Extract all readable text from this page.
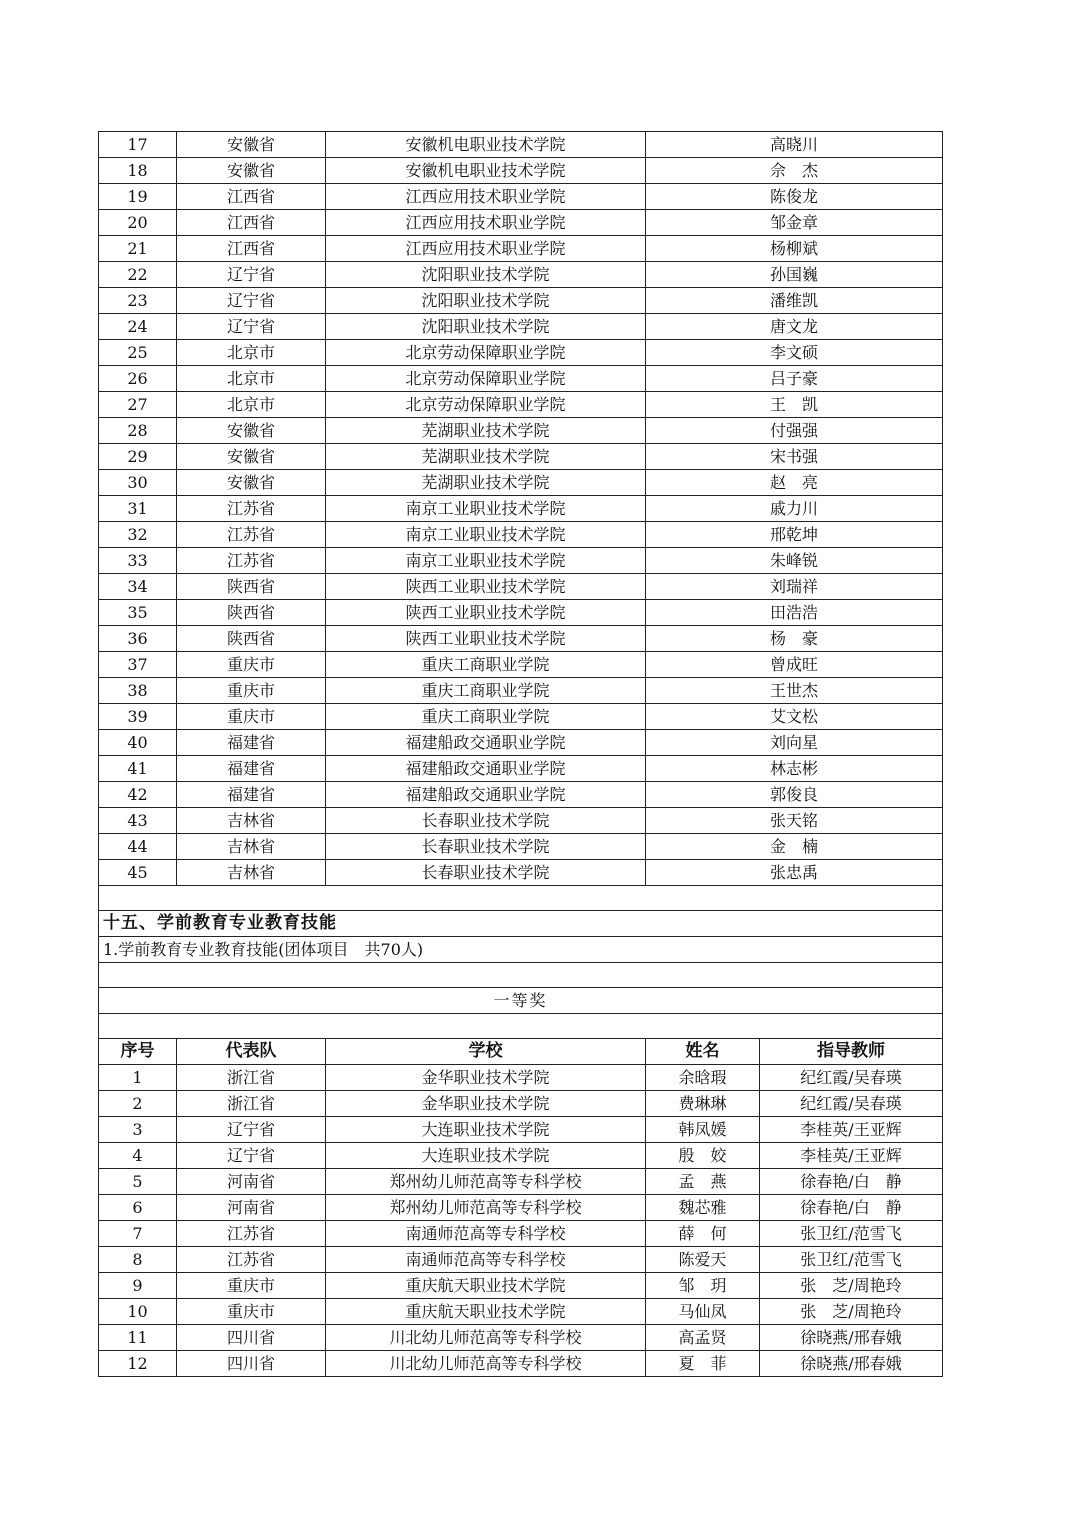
17	安徽省	安徽机电职业技术学院	高晓川	
18	安徽省	安徽机电职业技术学院	佘　杰	
19	江西省	江西应用技术职业学院	陈俊龙	
20	江西省	江西应用技术职业学院	邹金章	
21	江西省	江西应用技术职业学院	杨柳斌	
22	辽宁省	沈阳职业技术学院	孙国巍	
23	辽宁省	沈阳职业技术学院	潘维凯	
24	辽宁省	沈阳职业技术学院	唐文龙	
25	北京市	北京劳动保障职业学院	李文硕	
26	北京市	北京劳动保障职业学院	吕子豪	
27	北京市	北京劳动保障职业学院	王　凯	
28	安徽省	芜湖职业技术学院	付强强	
29	安徽省	芜湖职业技术学院	宋书强	
30	安徽省	芜湖职业技术学院	赵　亮	
31	江苏省	南京工业职业技术学院	戚力川	
32	江苏省	南京工业职业技术学院	邢乾坤	
33	江苏省	南京工业职业技术学院	朱峰锐	
34	陕西省	陕西工业职业技术学院	刘瑞祥	
35	陕西省	陕西工业职业技术学院	田浩浩	
36	陕西省	陕西工业职业技术学院	杨　豪	
37	重庆市	重庆工商职业学院	曾成旺	
38	重庆市	重庆工商职业学院	王世杰	
39	重庆市	重庆工商职业学院	艾文松	
40	福建省	福建船政交通职业学院	刘向星	
41	福建省	福建船政交通职业学院	林志彬	
42	福建省	福建船政交通职业学院	郭俊良	
43	吉林省	长春职业技术学院	张天铭	
44	吉林省	长春职业技术学院	金　楠	
45	吉林省	长春职业技术学院	张忠禹	

十五、学前教育专业教育技能				
1.学前教育专业教育技能(团体项目　共70人)				

一等奖				

序号	代表队	学校	姓名	指导教师
1	浙江省	金华职业技术学院	余晗瑕	纪红霞/吴春瑛
2	浙江省	金华职业技术学院	费琳琳	纪红霞/吴春瑛
3	辽宁省	大连职业技术学院	韩凤媛	李桂英/王亚辉
4	辽宁省	大连职业技术学院	殷　姣	李桂英/王亚辉
5	河南省	郑州幼儿师范高等专科学校	孟　燕	徐春艳/白　静
6	河南省	郑州幼儿师范高等专科学校	魏芯雅	徐春艳/白　静
7	江苏省	南通师范高等专科学校	薛　何	张卫红/范雪飞
8	江苏省	南通师范高等专科学校	陈爱天	张卫红/范雪飞
9	重庆市	重庆航天职业技术学院	邹　玥	张　芝/周艳玲
10	重庆市	重庆航天职业技术学院	马仙凤	张　芝/周艳玲
11	四川省	川北幼儿师范高等专科学校	高孟贤	徐晓燕/邢春娥
12	四川省	川北幼儿师范高等专科学校	夏　菲	徐晓燕/邢春娥
